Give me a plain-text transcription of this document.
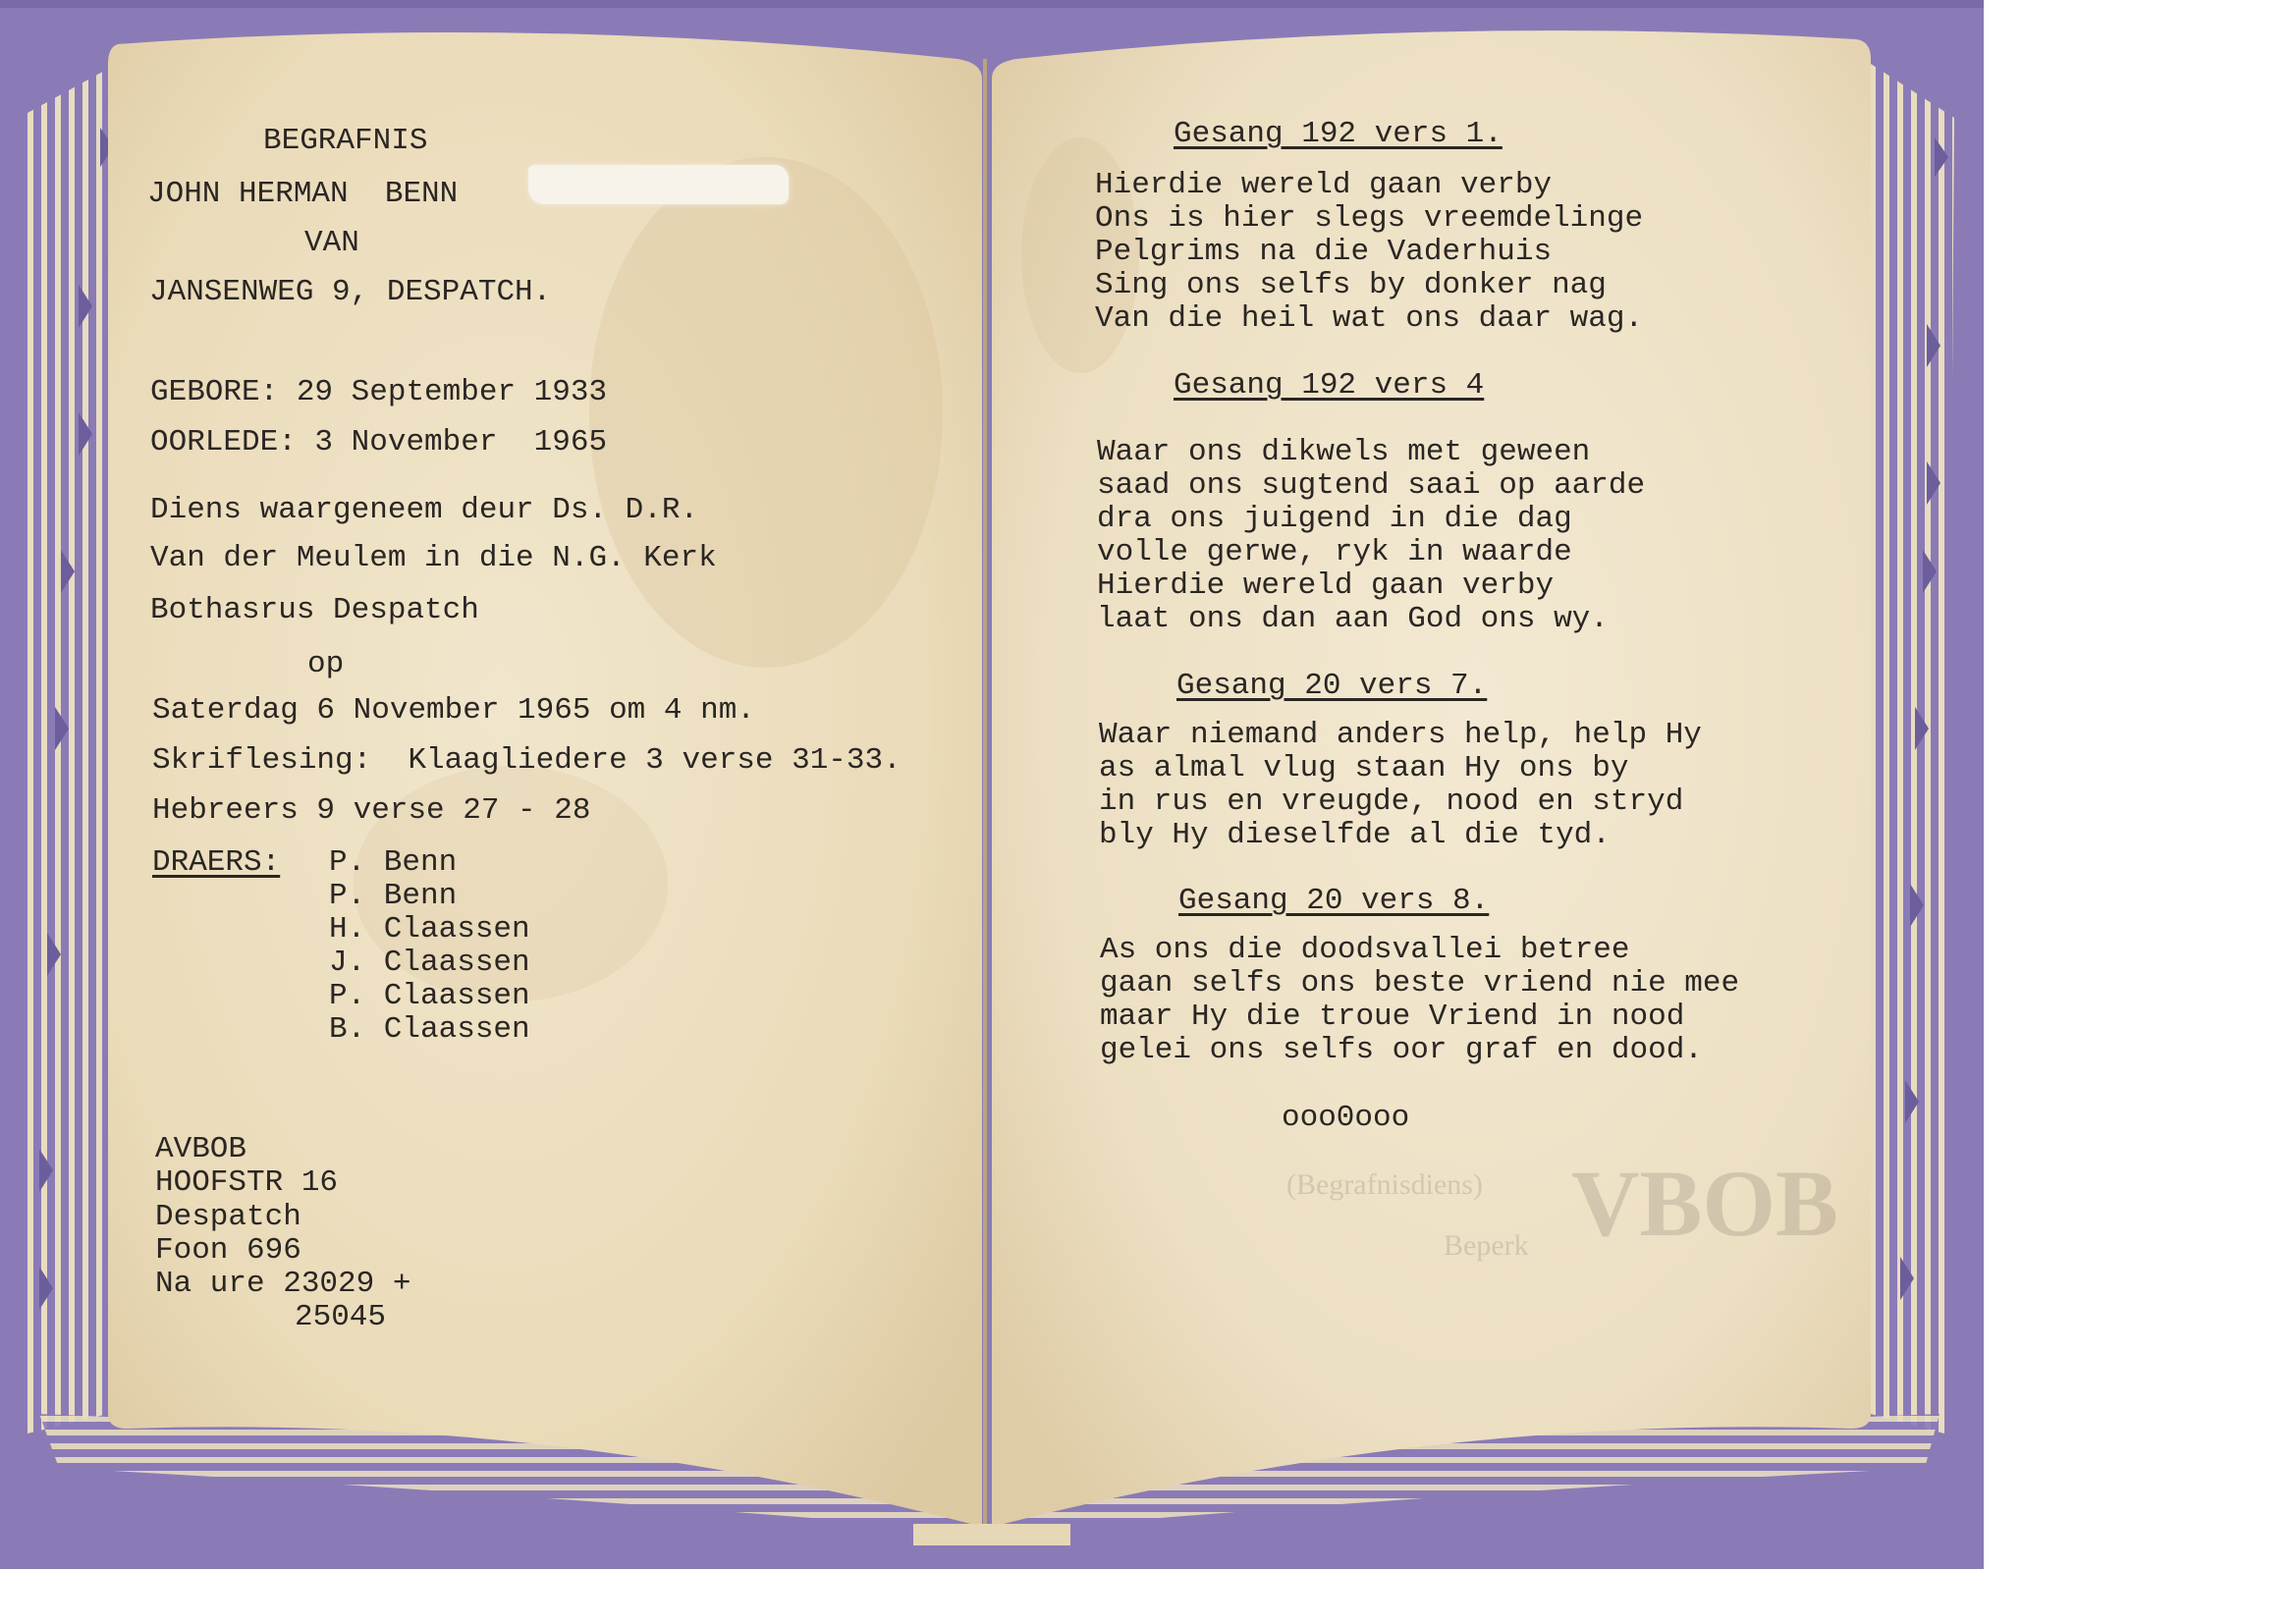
VBOB
(Begrafnisdiens)
Beperk
BEGRAFNIS
JOHN HERMAN  BENN
VAN
JANSENWEG 9, DESPATCH.
GEBORE: 29 September 1933
OORLEDE: 3 November  1965
Diens waargeneem deur Ds. D.R.
Van der Meulem in die N.G. Kerk
Bothasrus Despatch
op
Saterdag 6 November 1965 om 4 nm.
Skriflesing:  Klaagliedere 3 verse 31-33.
Hebreers 9 verse 27 - 28
DRAERS: P. Benn
P. Benn
H. Claassen
J. Claassen
P. Claassen
B. Claassen
AVBOB
HOOFSTR 16
Despatch
Foon 696
Na ure 23029 +
25045
Gesang 192 vers 1.
Hierdie wereld gaan verby
Ons is hier slegs vreemdelinge
Pelgrims na die Vaderhuis
Sing ons selfs by donker nag
Van die heil wat ons daar wag.
Gesang 192 vers 4
Waar ons dikwels met geween
saad ons sugtend saai op aarde
dra ons juigend in die dag
volle gerwe, ryk in waarde
Hierdie wereld gaan verby
laat ons dan aan God ons wy.
Gesang 20 vers 7.
Waar niemand anders help, help Hy
as almal vlug staan Hy ons by
in rus en vreugde, nood en stryd
bly Hy dieselfde al die tyd.
Gesang 20 vers 8.
As ons die doodsvallei betree
gaan selfs ons beste vriend nie mee
maar Hy die troue Vriend in nood
gelei ons selfs oor graf en dood.
ooo0ooo
